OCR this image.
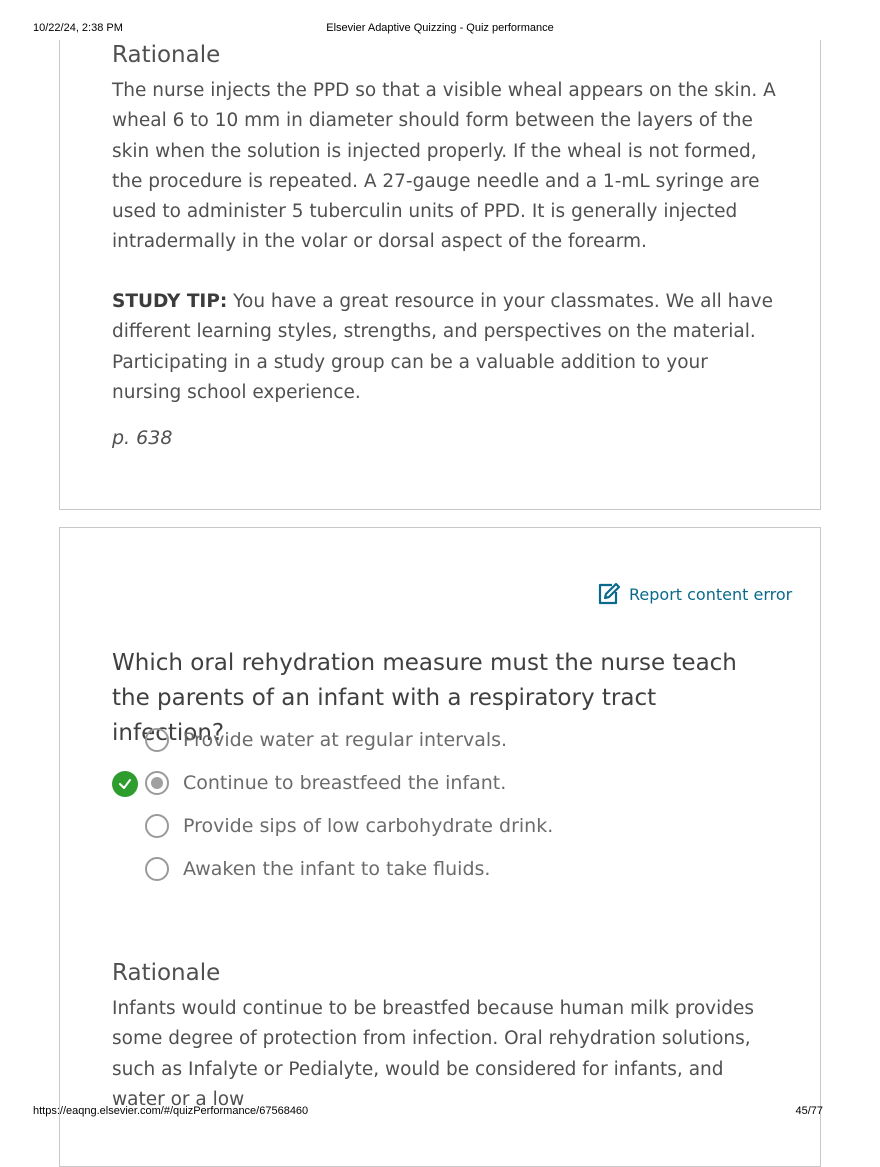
10/22/24, 2:38 PM	Elsevier Adaptive Quizzing - Quiz performance
Rationale

The nurse injects the PPD so that a visible wheal appears on the skin. A wheal 6 to 10 mm in diameter should form between the layers of the skin when the solution is injected properly. If the wheal is not formed, the procedure is repeated. A 27-gauge needle and a 1-mL syringe are used to administer 5 tuberculin units of PPD. It is generally injected intradermally in the volar or dorsal aspect of the forearm.

STUDY TIP: You have a great resource in your classmates. We all have different learning styles, strengths, and perspectives on the material. Participating in a study group can be a valuable addition to your nursing school experience.

p. 638

Report content error

Which oral rehydration measure must the nurse teach the parents of an infant with a respiratory tract infection?

Provide water at regular intervals.
Continue to breastfeed the infant.
Provide sips of low carbohydrate drink.
Awaken the infant to take fluids.
Rationale

Infants would continue to be breastfed because human milk provides some degree of protection from infection. Oral rehydration solutions, such as Infalyte or Pedialyte, would be considered for infants, and water or a low

https://eaqng.elsevier.com/#/quizPerformance/67568460	45/77
